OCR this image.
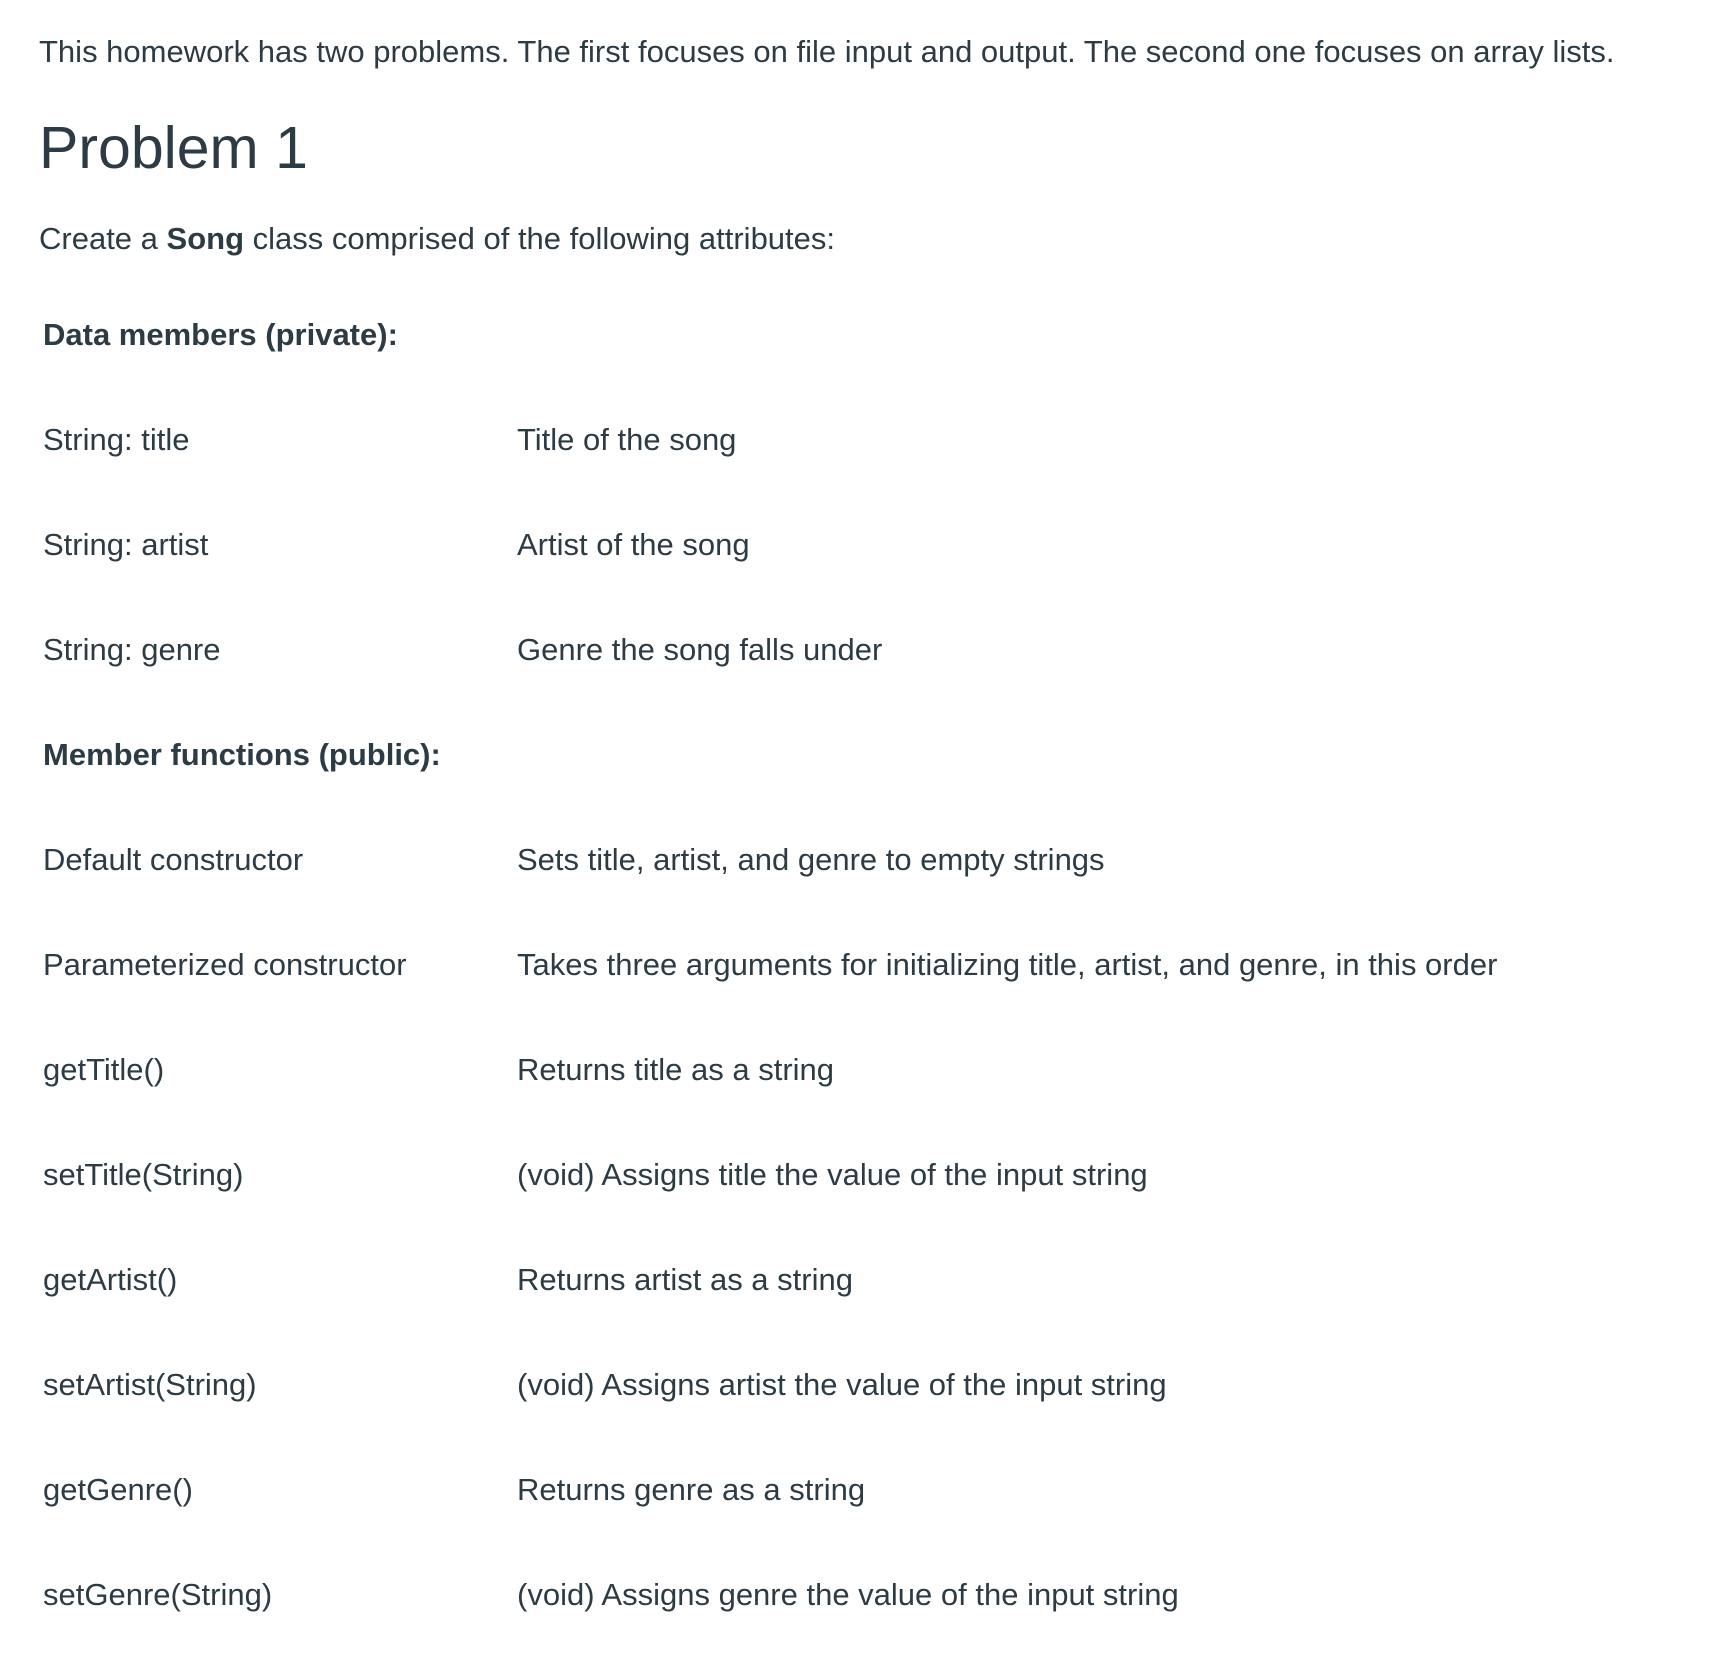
This homework has two problems. The first focuses on file input and output. The second one focuses on array lists.

Problem 1

Create a Song class comprised of the following attributes:

Data members (private):
String: title	Title of the song
String: artist	Artist of the song
String: genre	Genre the song falls under
Member functions (public):
Default constructor	Sets title, artist, and genre to empty strings
Parameterized constructor	Takes three arguments for initializing title, artist, and genre, in this order
getTitle()	Returns title as a string
setTitle(String)	(void) Assigns title the value of the input string
getArtist()	Returns artist as a string
setArtist(String)	(void) Assigns artist the value of the input string
getGenre()	Returns genre as a string
setGenre(String)	(void) Assigns genre the value of the input string
